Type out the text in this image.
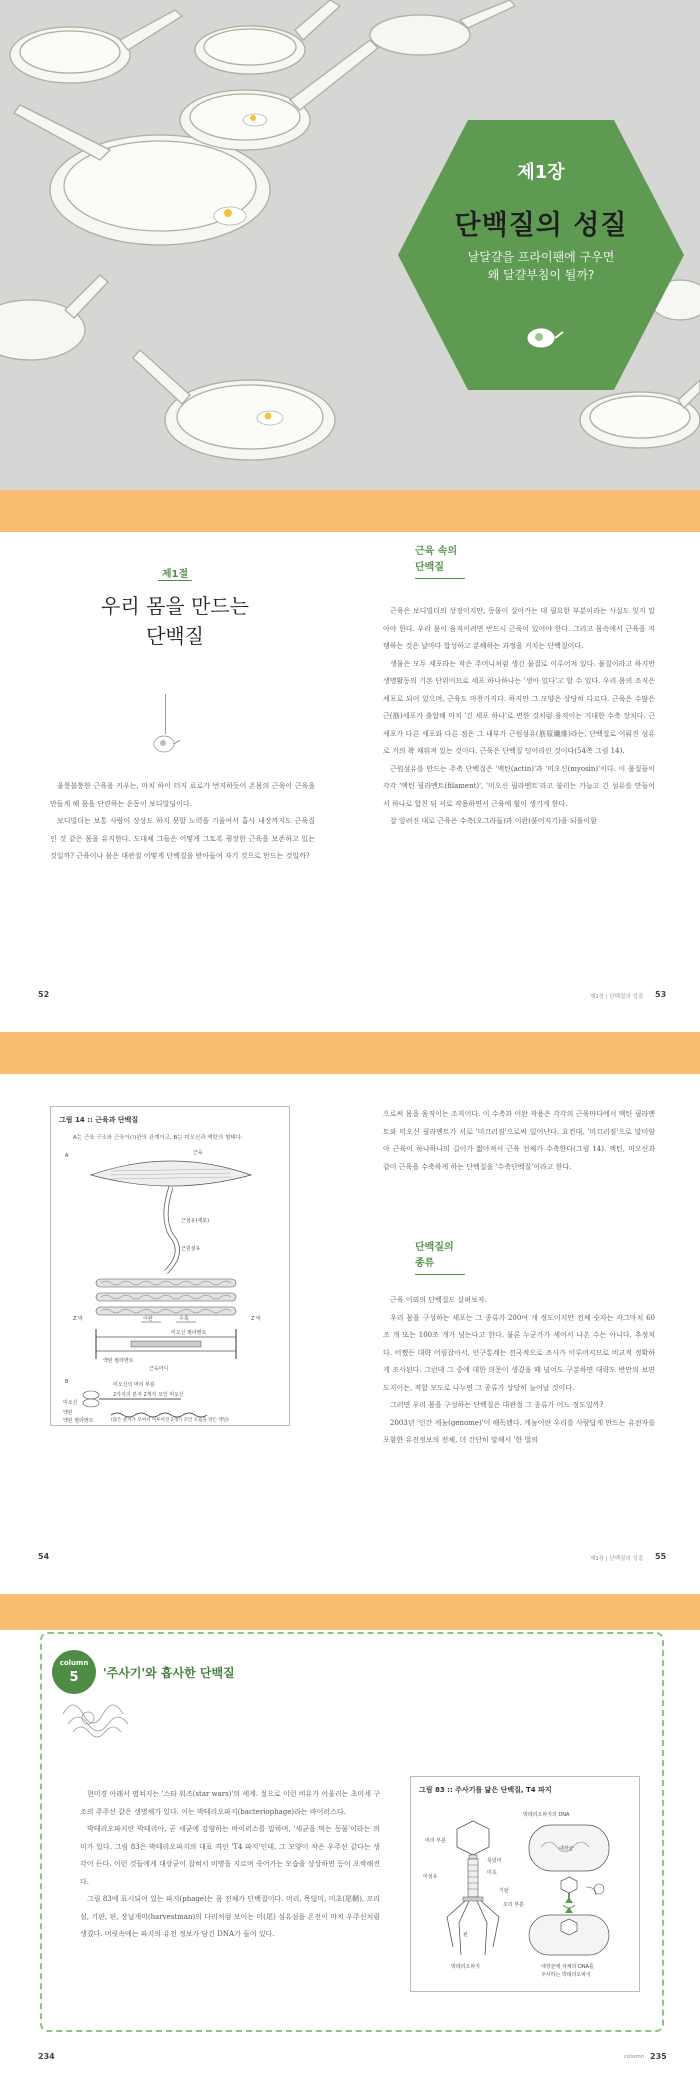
제1장
단백질의 성질
날달걀을 프라이팬에 구우면
왜 달걀부침이 될까?
제1절
우리 몸을 만드는
단백질

울퉁불퉁한 근육을 키우는, 마치 하이 터지 료로가 번지하듯이 온몸의 근육이 근육을 만들게 해 몸을 단련하는 운동이 보디빌딩이다.

보디빌더는 보통 사람이 상상도 하지 못할 노력을 기울여서 흡사 내장까지도 근육질인 것 같은 몸을 유지한다. 도대체 그들은 어떻게 그토록 굉장한 근육을 보존하고 있는 것일까? 근육이나 몸은 대관절 어떻게 단백질을 받아들여 자기 것으로 만드는 것일까?

52
근육 속의
단백질

근육은 보디빌더의 상징이지만, 동물이 살아가는 데 필요한 부분이라는 사실도 잊지 말아야 한다. 우리 몸이 움직이려면 반드시 근육이 있어야 한다. 그리고 몸속에서 근육을 지탱하는 것은 날마다 합성하고 분해하는 과정을 거치는 단백질이다.

생물은 모두 세포라는 작은 주머니처럼 생긴 물질로 이루어져 있다. 물질이라고 하지만 생명활동의 기본 단위이므로 세포 하나하나는 '생아 있다'고 할 수 있다. 우리 몸의 조직은 세포로 되어 있으며, 근육도 마찬가지다. 하지만 그 모양은 상당히 다르다. 근육은 수많은 근(筋)세포가 출합해 마치 '긴 세포 하나'로 변한 것처럼 움직이는 거대한 수축 장치다. 근세포가 다른 세포와 다른 점은 그 내부가 근원섬유(筋原纖維)라는, 단백질로 이뤄진 섬유로 거의 꽉 채워져 있는 것이다. 근육은 단백질 덩어리인 것이다(54쪽 그림 14).

근원섬유를 만드는 주축 단백질은 '액틴(actin)'과 '미오신(myosin)'이다. 이 물질들이 각각 '액틴 필라멘트(filament)', '미오신 필라멘트'라고 불리는 가늘고 긴 섬유를 만들어서 하나로 합친 뒤 서로 작용하면서 근육에 힘이 생기게 한다.

잘 알려진 대로 근육은 수축(오그라듦)과 이완(풀어지기)을 되풀이함

제1장 | 단백질의 성질 53
그림 14 :: 근육과 단백질
A는 근육 구조와 근육이(!)완의 관계이고, B는 미오신과 액틴의 형태다.
A	근육
근섬유(세포)
근원섬유
Z 막	Z 막
이완	수축
미오신 필라멘트
액틴 필라멘트
근육마디
B	미오신의 머리 부분
미오신
2가지의 분자 2개가 꼬인 미오신
액틴
액틴 필라멘트	(많은 분자가 모여서 이루어진 2개가 꼬인 모습을 만든 액틴)
54

으로써 몸을 움직이는 조직이다. 이 수축과 이완 작용은 각각의 근육마다에서 액틴 필라멘트와 미오신 필라멘트가 서로 '미끄러짐'으로써 일어난다. 요컨대, '미끄러짐'으로 말미암아 근육이 하나하나의 길이가 짧아져서 근육 전체가 수축한다(그림 14). 액틴, 미오신과 같이 근육을 수축하게 하는 단백질을 '수축단백질'이라고 한다.

단백질의
종류

근육 이외의 단백질도 살펴보자.

우리 몸을 구성하는 세포는 그 종류가 200여 개 정도이지만 전체 숫자는 자그마치 60조 개 또는 100조 개가 넘는다고 한다. 물론 누군가가 세어서 나온 수는 아니다. 추정치다. 어쨌든 대략 어림잡아서, 인구통계는 전국적으로 조사가 이루어지므로 비교적 정확하게 조사된다. 그런데 그 중에 대한 의문이 생겼을 때 넘어도 구분하면 대략도 반만의 보편 도지이는, 적합 모도로 나누면 그 종류가 상당히 늘어날 것이다.

그러면 우리 몸을 구성하는 단백질은 대관절 그 종류가 어느 정도일까?

2003년 '인간 게놈(genome)'이 해독됐다. 게놈이란 우리를 사람답게 만드는 유전자를 포함한 유전정보의 전체, 더 간단히 말해서 '한 벌의

제1장 | 단백질의 성질 55
column
5	'주사기'와 흡사한 단백질

현미경 아래서 펼쳐지는 '스타 워즈(star wars)'의 세계. 절으로 이런 비유가 어울리는 초미세 구조의 주주선 같은 생명체가 있다. 이는 박테리오파지(bacteriophage)라는 바이러스다.

박테리오파지란 박테리아, 곧 세균에 감염하는 바이러스를 말하며, '세균을 먹는 동물'이라는 의미가 있다. 그림 83은 박테리오파지의 대표 격인 'T4 파지'인데, 그 모양이 작은 우주선 같다는 생각이 든다. 이런 것들에게 대상균이 잡혀서 비명을 지르며 죽어가는 모습을 상상하면 등이 오싹해진다.

그림 83에 표시되어 있는 파지(phage)는 몸 전체가 단백질이다. 머리, 목덜미, 미초(尾鞘), 꼬리 섬, 기판, 핀, 장닐개미(harvestman)의 다리처럼 보이는 미(尾) 섬유섬을 온전이 마치 우주선처럼 생겼다. 머릿속에는 파지의 유전 정보가 담긴 DNA가 들어 있다.

그림 83 :: 주사기를 닮은 단백질, T4 파지
박테리오파지의 DNA
대장균
머리 부분
목덜미
미초
미섬유
기판
꼬리 부분
핀
박테리오파지	대장균에 자체의 DNA를
주사하는 박테리오파지
234	column 235
